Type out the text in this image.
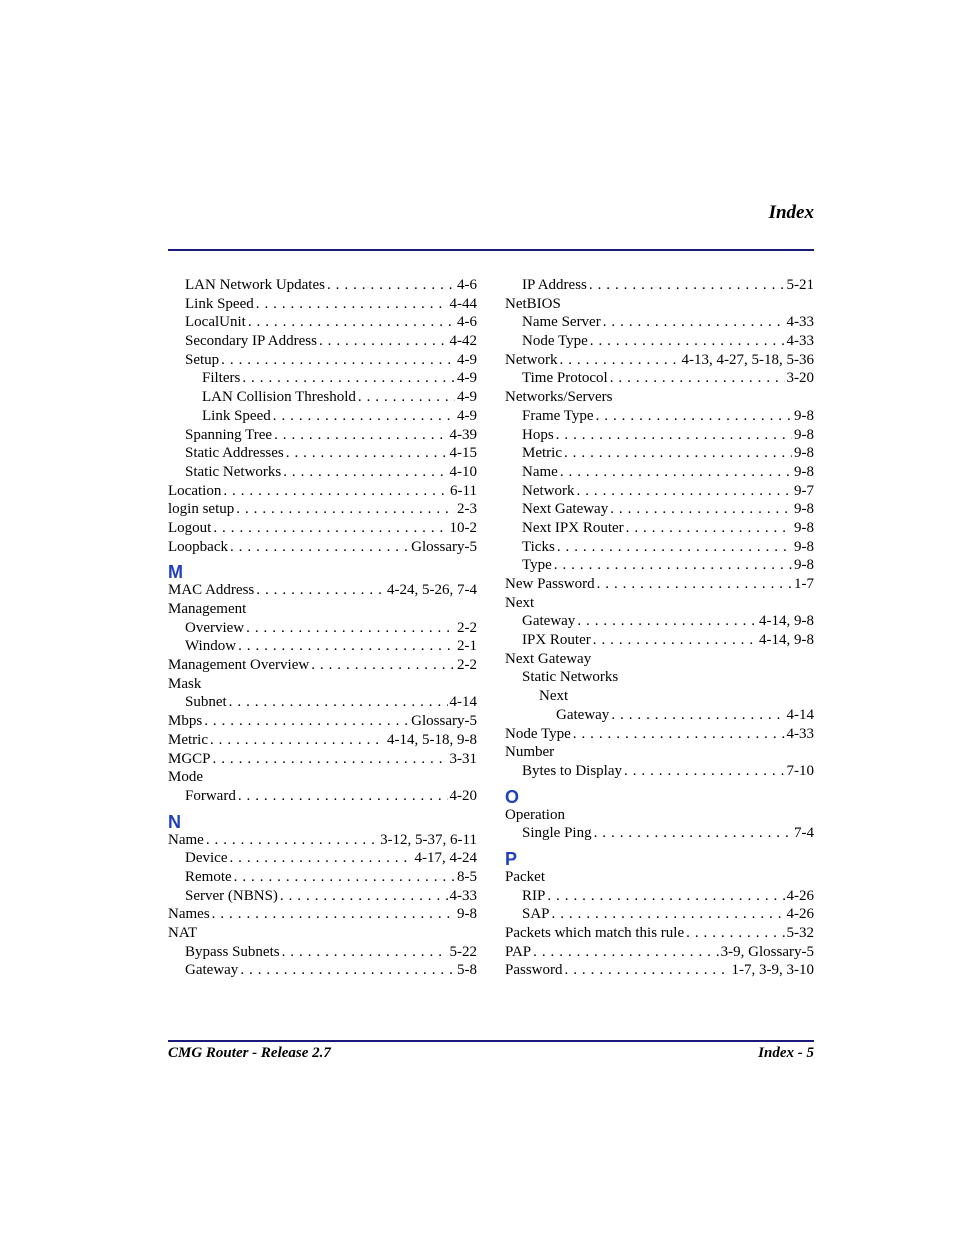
Index
LAN Network Updates . . .	4-6
Link Speed . . .	4-44
LocalUnit . . .	4-6
Secondary IP Address . . .	4-42
Setup . . .	4-9
Filters . . .	4-9
LAN Collision Threshold . . .	4-9
Link Speed . . .	4-9
Spanning Tree . . .	4-39
Static Addresses . . .	4-15
Static Networks . . .	4-10
Location . . .	6-11
login setup . . .	2-3
Logout . . .	10-2
Loopback . . .	Glossary-5
M
MAC Address . . .	4-24, 5-26, 7-4
Management
Overview . . .	2-2
Window . . .	2-1
Management Overview . . .	2-2
Mask
Subnet . . .	4-14
Mbps . . .	Glossary-5
Metric . . .	4-14, 5-18, 9-8
MGCP . . .	3-31
Mode
Forward . . .	4-20
N
Name . . .	3-12, 5-37, 6-11
Device . . .	4-17, 4-24
Remote . . .	8-5
Server (NBNS) . . .	4-33
Names . . .	9-8
NAT
Bypass Subnets . . .	5-22
Gateway . . .	5-8
IP Address . . .	5-21
NetBIOS
Name Server . . .	4-33
Node Type . . .	4-33
Network . . .	4-13, 4-27, 5-18, 5-36
Time Protocol . . .	3-20
Networks/Servers
Frame Type . . .	9-8
Hops . . .	9-8
Metric . . .	9-8
Name . . .	9-8
Network . . .	9-7
Next Gateway . . .	9-8
Next IPX Router . . .	9-8
Ticks . . .	9-8
Type . . .	9-8
New Password . . .	1-7
Next
Gateway . . .	4-14, 9-8
IPX Router . . .	4-14, 9-8
Next Gateway
Static Networks
Next
Gateway . . .	4-14
Node Type . . .	4-33
Number
Bytes to Display . . .	7-10
O
Operation
Single Ping . . .	7-4
P
Packet
RIP . . .	4-26
SAP . . .	4-26
Packets which match this rule . . .	5-32
PAP . . .	3-9, Glossary-5
Password . . .	1-7, 3-9, 3-10
CMG Router - Release 2.7	Index - 5
